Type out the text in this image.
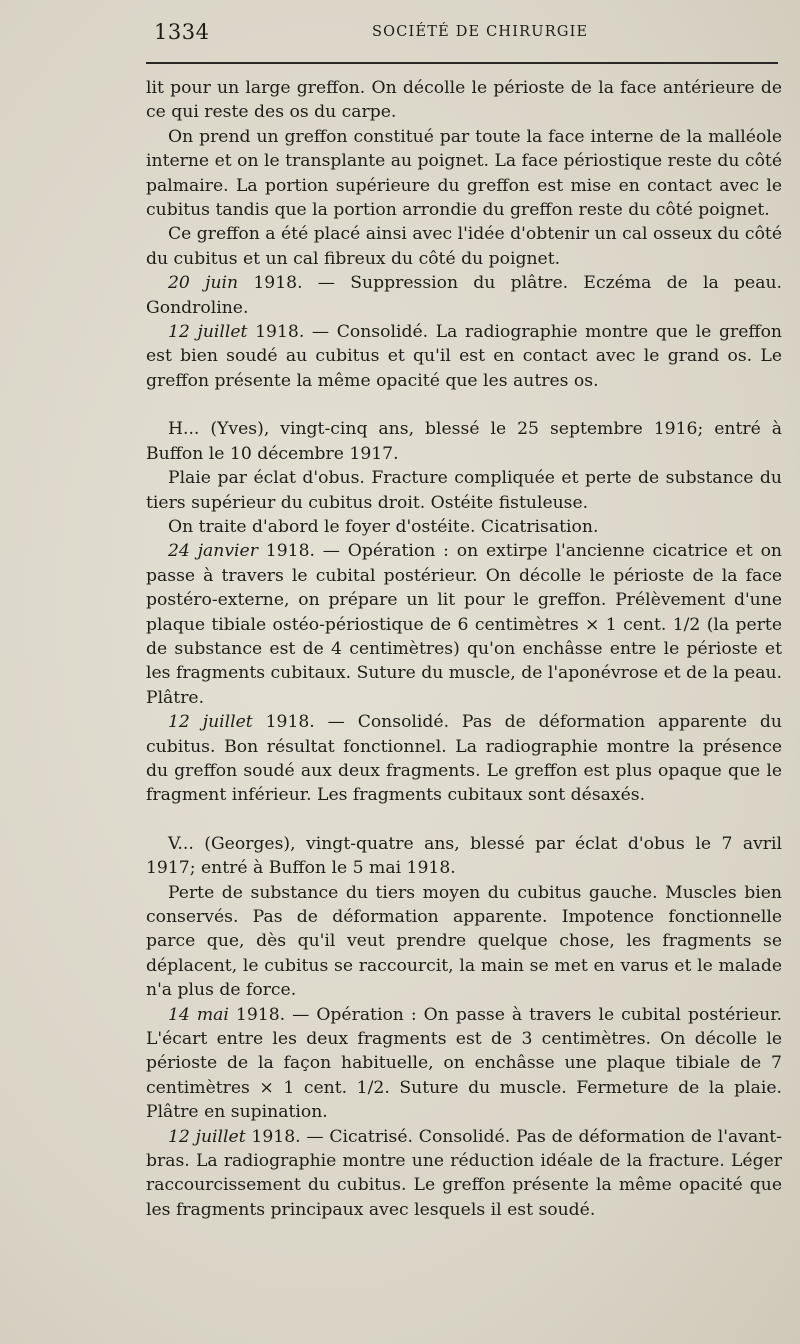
1334	SOCIÉTÉ DE CHIRURGIE

lit pour un large greffon. On décolle le périoste de la face antérieure de ce qui reste des os du carpe.

On prend un greffon constitué par toute la face interne de la malléole interne et on le transplante au poignet. La face périostique reste du côté palmaire. La portion supérieure du greffon est mise en contact avec le cubitus tandis que la portion arrondie du greffon reste du côté poignet.

Ce greffon a été placé ainsi avec l'idée d'obtenir un cal osseux du côté du cubitus et un cal fibreux du côté du poignet.

20 juin 1918. — Suppression du plâtre. Eczéma de la peau. Gondroline.

12 juillet 1918. — Consolidé. La radiographie montre que le greffon est bien soudé au cubitus et qu'il est en contact avec le grand os. Le greffon présente la même opacité que les autres os.

H... (Yves), vingt-cinq ans, blessé le 25 septembre 1916; entré à Buffon le 10 décembre 1917.

Plaie par éclat d'obus. Fracture compliquée et perte de substance du tiers supérieur du cubitus droit. Ostéite fistuleuse.

On traite d'abord le foyer d'ostéite. Cicatrisation.

24 janvier 1918. — Opération : on extirpe l'ancienne cicatrice et on passe à travers le cubital postérieur. On décolle le périoste de la face postéro-externe, on prépare un lit pour le greffon. Prélèvement d'une plaque tibiale ostéo-périostique de 6 centimètres × 1 cent. 1/2 (la perte de substance est de 4 centimètres) qu'on enchâsse entre le périoste et les fragments cubitaux. Suture du muscle, de l'aponévrose et de la peau. Plâtre.

12 juillet 1918. — Consolidé. Pas de déformation apparente du cubitus. Bon résultat fonctionnel. La radiographie montre la présence du greffon soudé aux deux fragments. Le greffon est plus opaque que le fragment inférieur. Les fragments cubitaux sont désaxés.

V... (Georges), vingt-quatre ans, blessé par éclat d'obus le 7 avril 1917; entré à Buffon le 5 mai 1918.

Perte de substance du tiers moyen du cubitus gauche. Muscles bien conservés. Pas de déformation apparente. Impotence fonctionnelle parce que, dès qu'il veut prendre quelque chose, les fragments se déplacent, le cubitus se raccourcit, la main se met en varus et le malade n'a plus de force.

14 mai 1918. — Opération : On passe à travers le cubital postérieur. L'écart entre les deux fragments est de 3 centimètres. On décolle le périoste de la façon habituelle, on enchâsse une plaque tibiale de 7 centimètres × 1 cent. 1/2. Suture du muscle. Fermeture de la plaie. Plâtre en supination.

12 juillet 1918. — Cicatrisé. Consolidé. Pas de déformation de l'avant-bras. La radiographie montre une réduction idéale de la fracture. Léger raccourcissement du cubitus. Le greffon présente la même opacité que les fragments principaux avec lesquels il est soudé.
